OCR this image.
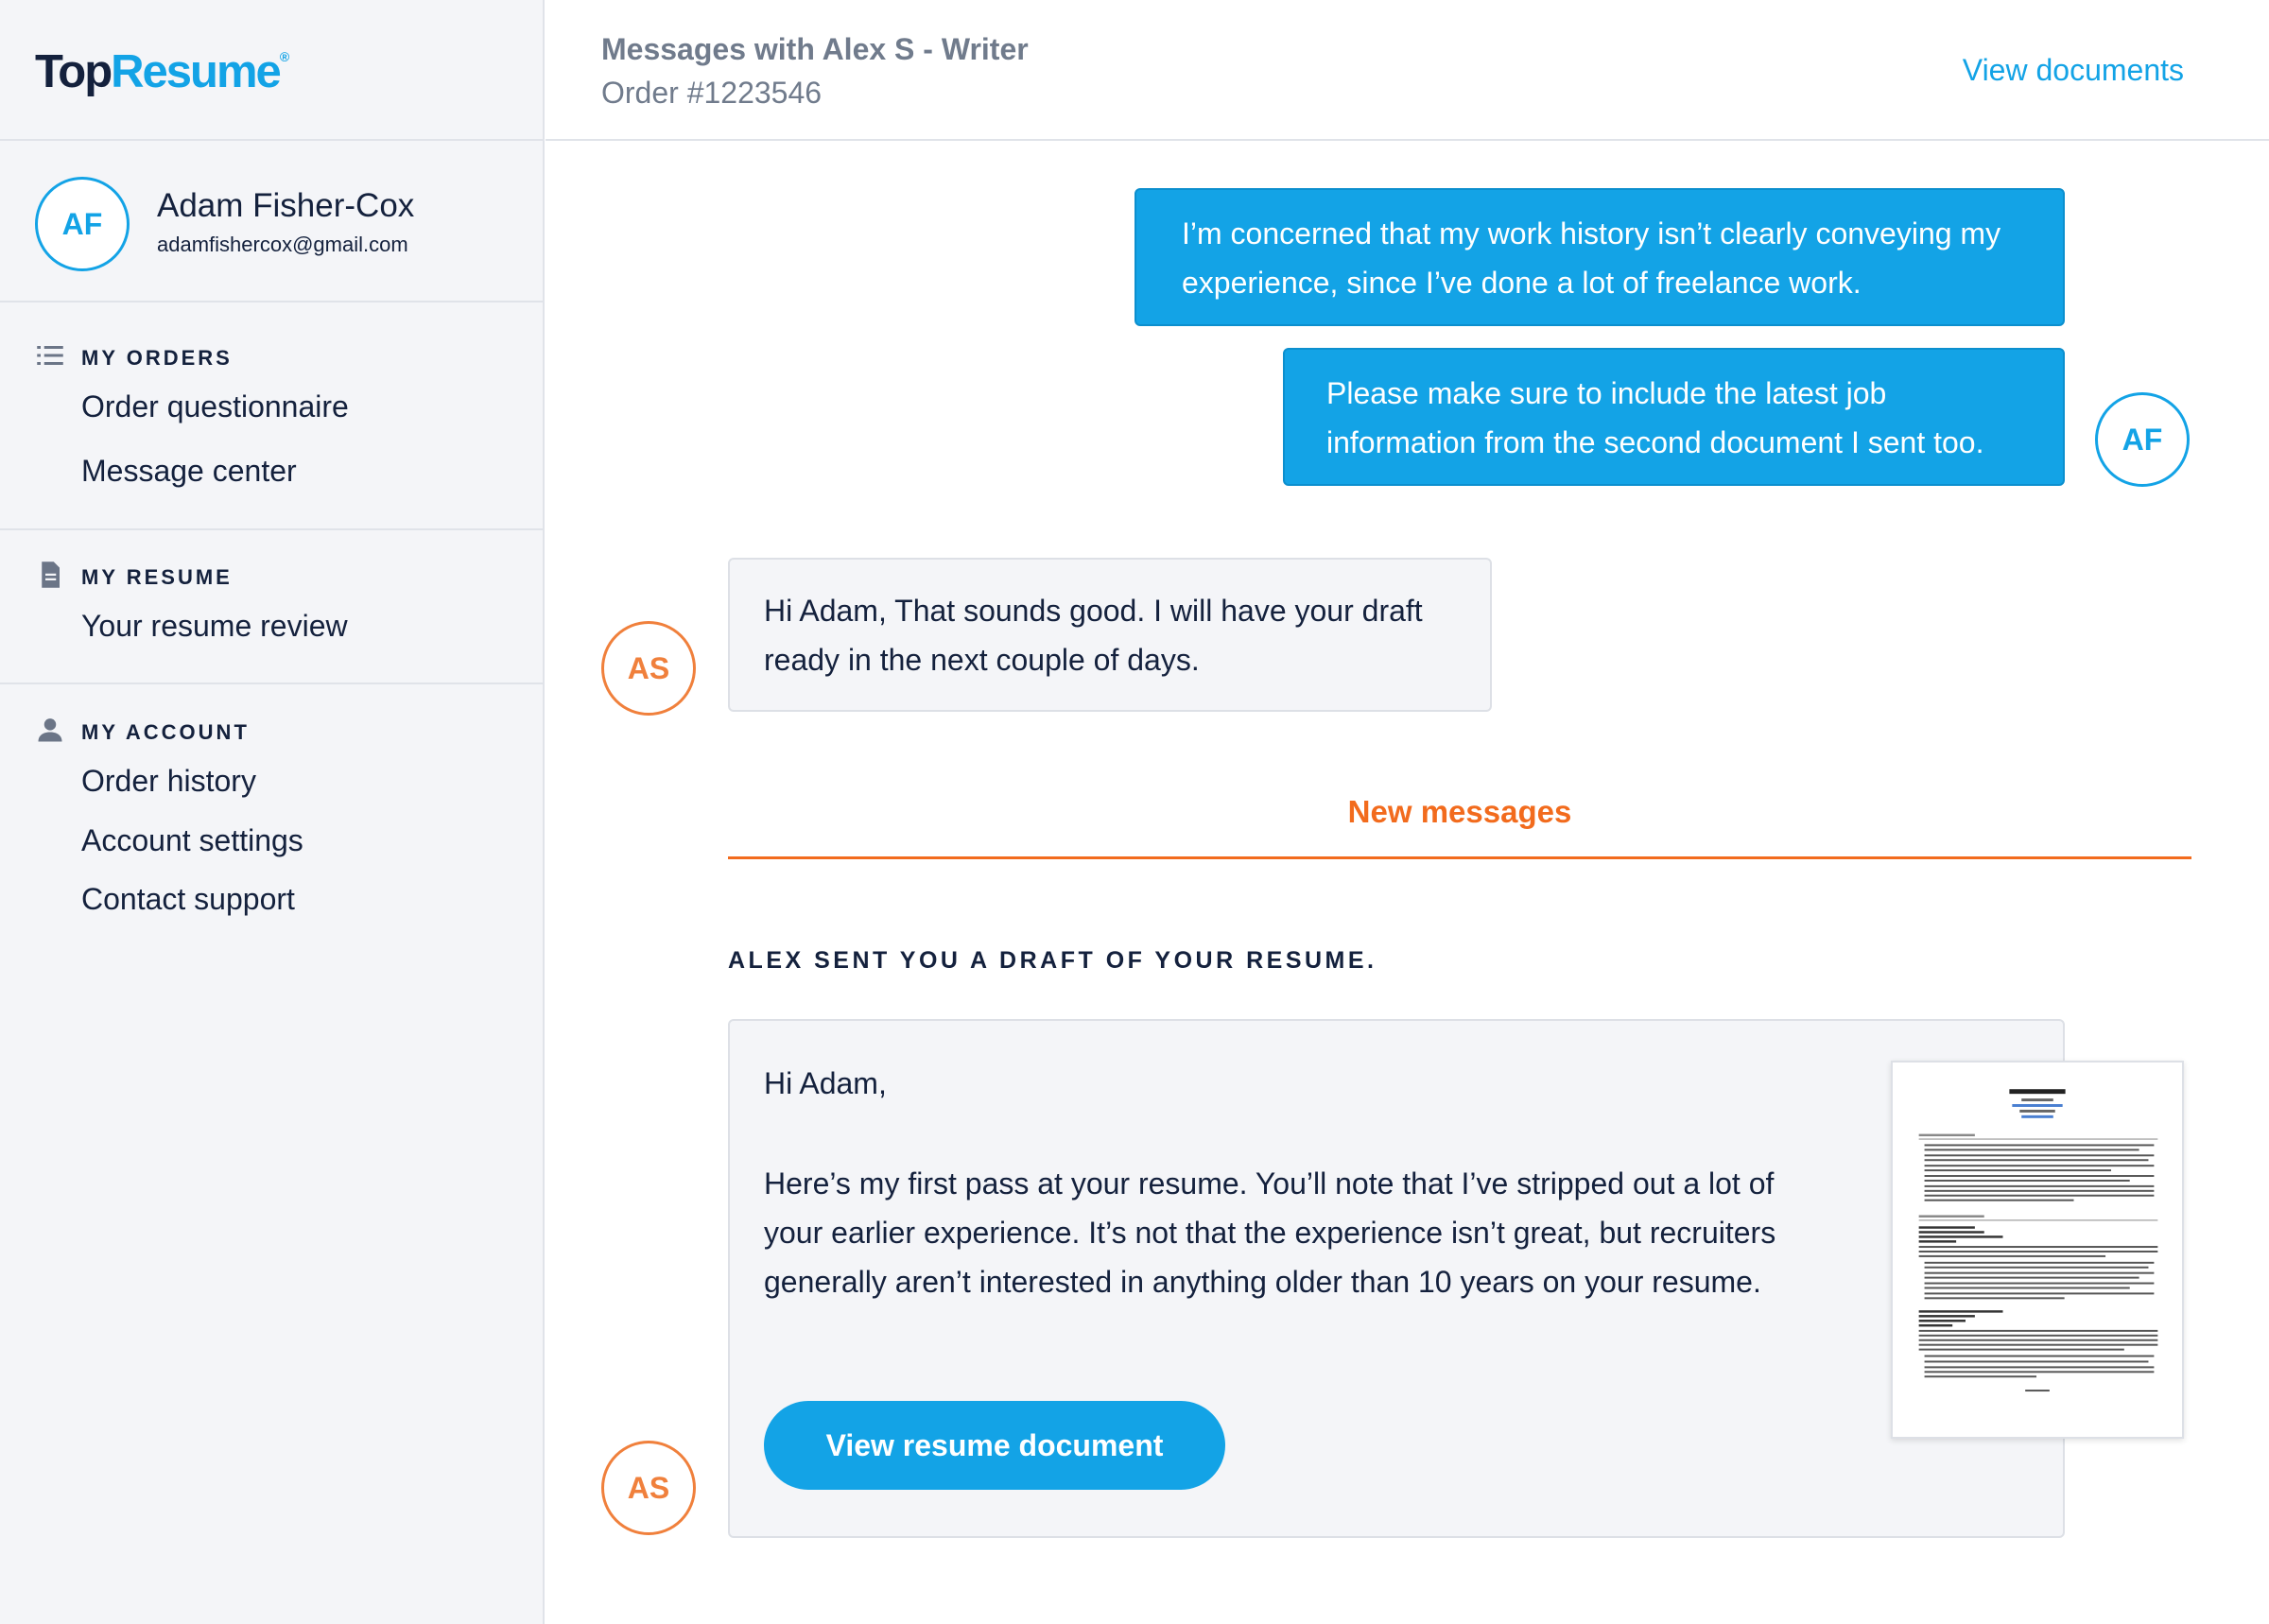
TopResume®
AF	Adam Fisher-Cox
adamfishercox@gmail.com
MY ORDERS
Order questionnaire
Message center
MY RESUME
Your resume review
MY ACCOUNT
Order history
Account settings
Contact support
Messages with Alex S - Writer
Order #1223546
View documents
I’m concerned that my work history isn’t clearly conveying my experience, since I’ve done a lot of freelance work.
Please make sure to include the latest job information from the second document I sent too.	AF
Hi Adam, That sounds good. I will have your draft ready in the next couple of days.
AS
New messages
ALEX SENT YOU A DRAFT OF YOUR RESUME.
Hi Adam,
Here’s my first pass at your resume. You’ll note that I’ve stripped out a lot of your earlier experience. It’s not that the experience isn’t great, but recruiters generally aren’t interested in anything older than 10 years on your resume.
View resume document
AS
